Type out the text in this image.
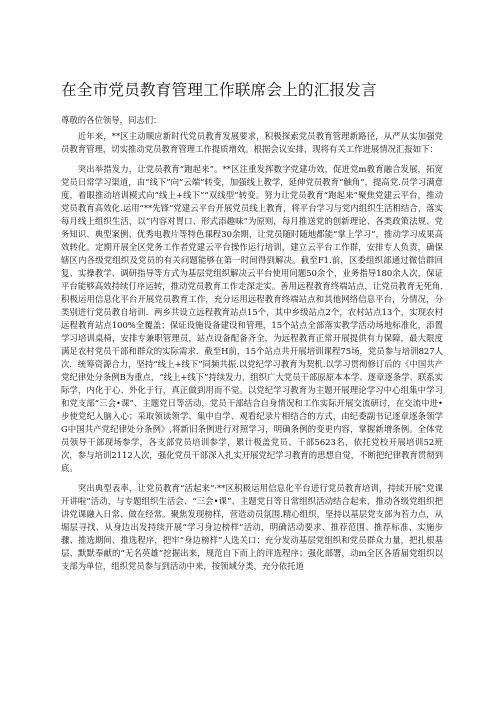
在全市党员教育管理工作联席会上的汇报发言

尊敬的各位领导，同志们：

近年来，**区主动顺应新时代党员教育发展要求，积极探索党员教育管理新路径，从严从实加强党员教育管理，切实推动党员教育管理工作提质增效。根据会议安排，现将有关工作进展情况汇报如下：

突出举措发力，让党员教育“跑起来”。**区注重发挥数字党建功效，促进党m教育融合发展，拓宽党员日常学习渠道，由“线下”向“云端”转变，加强线上教学，延伸党员教育“触角”，提高党.员学习满意度，着眼推动培训模式向“线上+线下”“双线型”转变。努力让党员教育“跑起来”聚焦党建云平台，推动党员教育高效化.运用“**先锋”党建云平台开展党员线上教育，将平台学习与党内组织生活相结合，落实每月线上组织生活，以“内容对胃口、形式添趣味”为原则，每月推送党的创新理论、各类政策法规、党务知识、典型案例、优秀电教片等特色课程30余期，让党员随时随地都能“掌上学习”，推动学习成果高效转化。定期开展全区党务工作者党建云平台操作运行培训，建立云平台工作群，安排专人负责，确保辖区内各级党组织及党员的有关问题能够在第一时间得到解决。截至F1.前，区委组织部通过微信群回复、实操教学、调研指导等方式为基层党组织解决云平台使用问题50余个，业务指导180余人次，保证平台能够高效持续仃序运转，推动党员教育工作走深走实。善用远程教育终端站点，让党员教育无死角.积极运用信息化平台开展党员教育工作，充分运用远程教育终端站点和其他网络信息平台，分情况，分类别进行党员教自培训．两乡共设立远程教育站点15个，其中乡级站点2个，农村站点13个，实现农村远程教育站点100%全覆盖；保证设施设备建设和管理，15个站点全部落实教学活动场地标准化，添置学习培训桌椅，安排专兼职管理员，站点设备配备齐全，为远程教育正常开展提供有力保障，最大限度满足农村党员干部和群众的实际需求．截至H前，15个站点共开展培训课程75场，党员参与培训827人次．统筹资源合力，坚持“线上+线下”同频共振.以党纪学习教育为契机.以学习贯彻修订后的《中国共产党纪律处分条例B为重点，“线上+线下”持续发力，组织广大党员干部原原本本学、逐章逐条学、联系实际学，内化于心、外化于行，真正做到用而不觉。以党纪学习教育为主题开展理论学习中心组集中学习和党支部“三会•课”、主题党日等活动，党员干部结合自身情况和工作实际开展交流研讨，在交流中进•步使党纪入脑入心；采取领读领学、集中自学、观看纪录片相结合的方式，由纪委副书记逐章逐条领学G中国共产党纪律处分条例》,将新旧条例进行对照学习，明确条例的变更内容，掌握新增条例。全体党员领导干部现场参学，各支部党员培训参学，累计极盖党员、干部5623名，依托党校开展培训52班次，参与培训2112人次，强化党员干部深入扎实开展党纪学习教育的思想自觉，不断把纪律教育贯彻到底。

突出典型表率，让党员教育“活起来”·**区积极运用信息化平台进行党员教育培训，持续开展“党课开讲啦”活动，与专题组织生活会、“三会•课”、主题党日等日常组织活动结合起来，推动各级党组织把讲党课融入日常、做在经常。聚焦发现榜样，营造动员氛围.精心组织，坚持以基层党支部为若力点，从堀层寻找、从身边出发持续开展“学习身边榜样”活动，明确活动要求、推荐范围、推荐标准、实施步骤、推选期间、推选程序，把牢“身边榜样”人选关口；充分发动基层党组织和党员群众力量，把扎根基层、默默奉献的“无名英雄”挖掘出来，规范自下而上的评选程序；强化部署，动m全区各盾届党组织以支部为单位，组织党员参与到活动中来，按领域分类，充分依托道
